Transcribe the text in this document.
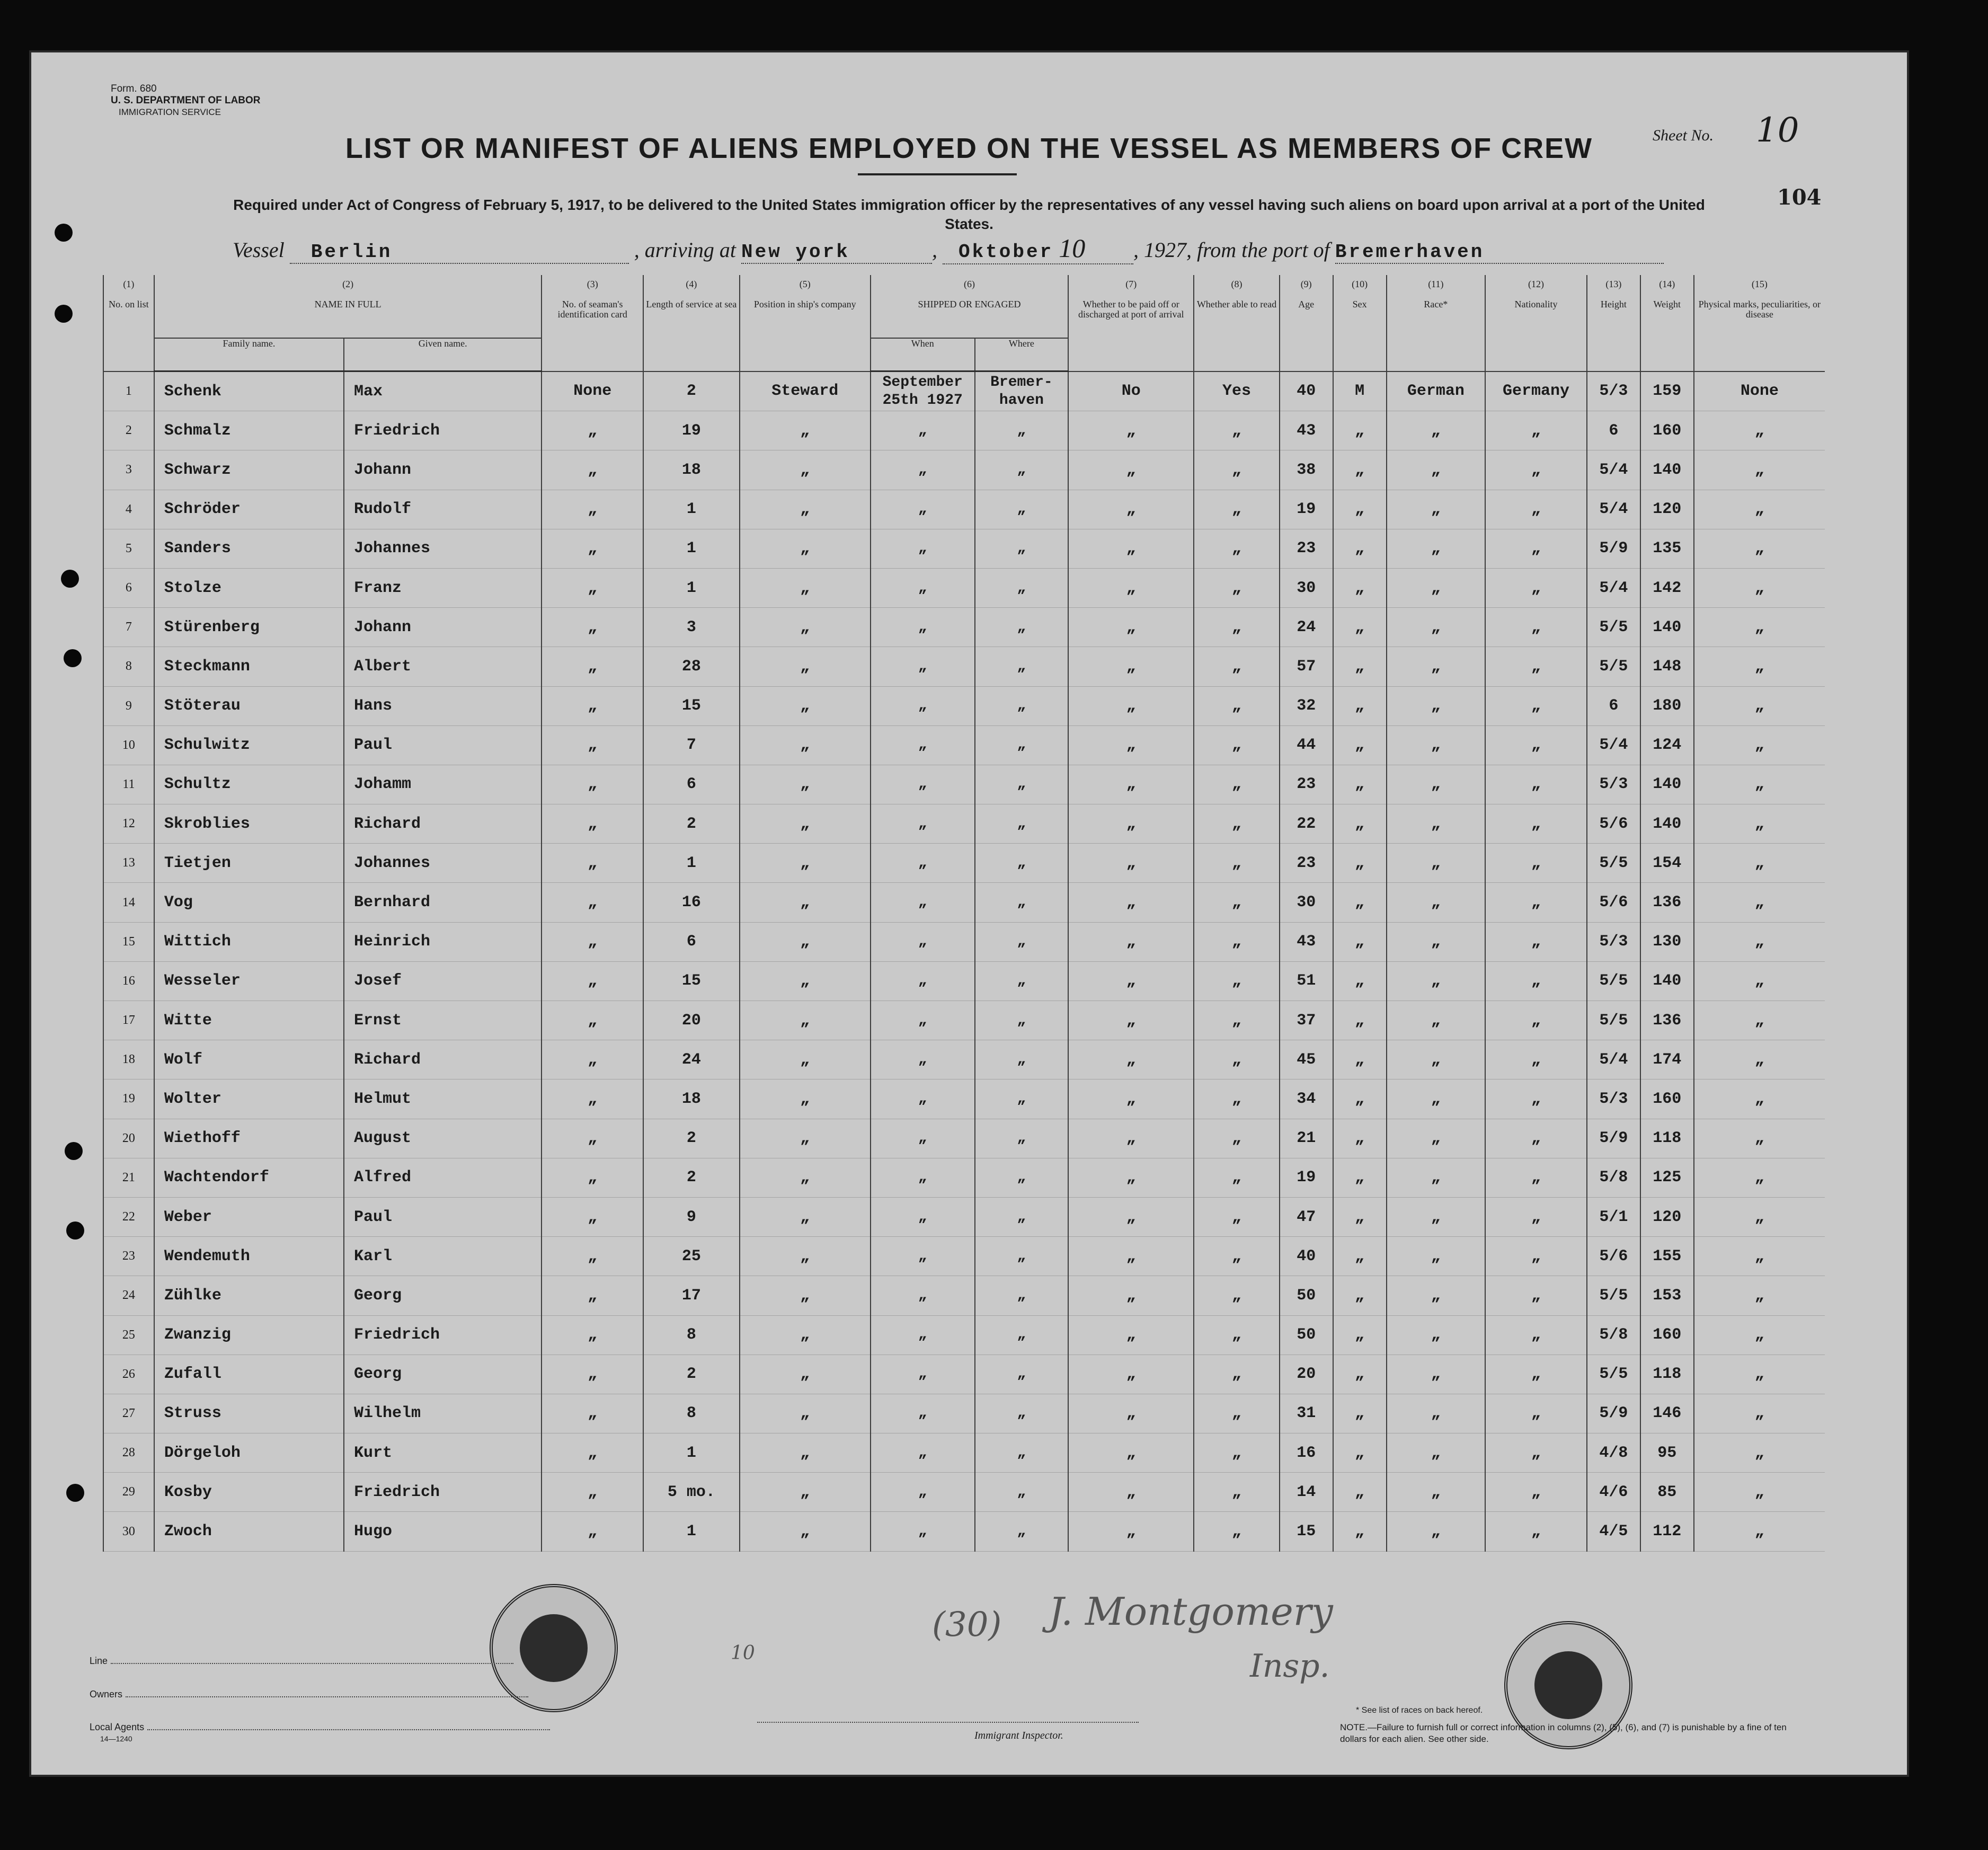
Form. 680
U. S. DEPARTMENT OF LABOR
IMMIGRATION SERVICE
LIST OR MANIFEST OF ALIENS EMPLOYED ON THE VESSEL AS MEMBERS OF CREW
Required under Act of Congress of February 5, 1917, to be delivered to the United States immigration officer by the representatives of any vessel having such aliens on board upon arrival at a port of the United States.
Sheet No. 10
104
Vessel Berlin	, arriving at New york	, Oktober 10 , 1927, from the port of Bremerhaven
(1)

No. on list	(2)

NAME IN FULL		(3)

No. of seaman's identification card	(4)

Length of service at sea	(5)

Position in ship's company	(6)

SHIPPED OR ENGAGED		(7)

Whether to be paid off or discharged at port of arrival	(8)

Whether able to read	(9)

Age	(10)

Sex	(11)

Race*	(12)

Nationality	(13)

Height	(14)

Weight	(15)

Physical marks, peculiarities, or disease
	Family name.	Given name.				When	Where									
1	Schenk	Max	None	2	Steward	September 25th 1927	Bremer- haven	No	Yes	40	M	German	Germany	5/3	159	None
2	Schmalz	Friedrich	„	19	„	„	„	„	„	43	„	„	„	6	160	„
3	Schwarz	Johann	„	18	„	„	„	„	„	38	„	„	„	5/4	140	„
4	Schröder	Rudolf	„	1	„	„	„	„	„	19	„	„	„	5/4	120	„
5	Sanders	Johannes	„	1	„	„	„	„	„	23	„	„	„	5/9	135	„
6	Stolze	Franz	„	1	„	„	„	„	„	30	„	„	„	5/4	142	„
7	Stürenberg	Johann	„	3	„	„	„	„	„	24	„	„	„	5/5	140	„
8	Steckmann	Albert	„	28	„	„	„	„	„	57	„	„	„	5/5	148	„
9	Stöterau	Hans	„	15	„	„	„	„	„	32	„	„	„	6	180	„
10	Schulwitz	Paul	„	7	„	„	„	„	„	44	„	„	„	5/4	124	„
11	Schultz	Johamm	„	6	„	„	„	„	„	23	„	„	„	5/3	140	„
12	Skroblies	Richard	„	2	„	„	„	„	„	22	„	„	„	5/6	140	„
13	Tietjen	Johannes	„	1	„	„	„	„	„	23	„	„	„	5/5	154	„
14	Vog	Bernhard	„	16	„	„	„	„	„	30	„	„	„	5/6	136	„
15	Wittich	Heinrich	„	6	„	„	„	„	„	43	„	„	„	5/3	130	„
16	Wesseler	Josef	„	15	„	„	„	„	„	51	„	„	„	5/5	140	„
17	Witte	Ernst	„	20	„	„	„	„	„	37	„	„	„	5/5	136	„
18	Wolf	Richard	„	24	„	„	„	„	„	45	„	„	„	5/4	174	„
19	Wolter	Helmut	„	18	„	„	„	„	„	34	„	„	„	5/3	160	„
20	Wiethoff	August	„	2	„	„	„	„	„	21	„	„	„	5/9	118	„
21	Wachtendorf	Alfred	„	2	„	„	„	„	„	19	„	„	„	5/8	125	„
22	Weber	Paul	„	9	„	„	„	„	„	47	„	„	„	5/1	120	„
23	Wendemuth	Karl	„	25	„	„	„	„	„	40	„	„	„	5/6	155	„
24	Zühlke	Georg	„	17	„	„	„	„	„	50	„	„	„	5/5	153	„
25	Zwanzig	Friedrich	„	8	„	„	„	„	„	50	„	„	„	5/8	160	„
26	Zufall	Georg	„	2	„	„	„	„	„	20	„	„	„	5/5	118	„
27	Struss	Wilhelm	„	8	„	„	„	„	„	31	„	„	„	5/9	146	„
28	Dörgeloh	Kurt	„	1	„	„	„	„	„	16	„	„	„	4/8	95	„
29	Kosby	Friedrich	„	5 mo.	„	„	„	„	„	14	„	„	„	4/6	85	„
30	Zwoch	Hugo	„	1	„	„	„	„	„	15	„	„	„	4/5	112	„
(30) J. Montgomery
Insp.
10
Line
Owners
Local Agents
14—1240	Immigrant Inspector.
* See list of races on back hereof.
NOTE.—Failure to furnish full or correct information in columns (2), (5), (6), and (7) is punishable by a fine of ten dollars for each alien. See other side.
